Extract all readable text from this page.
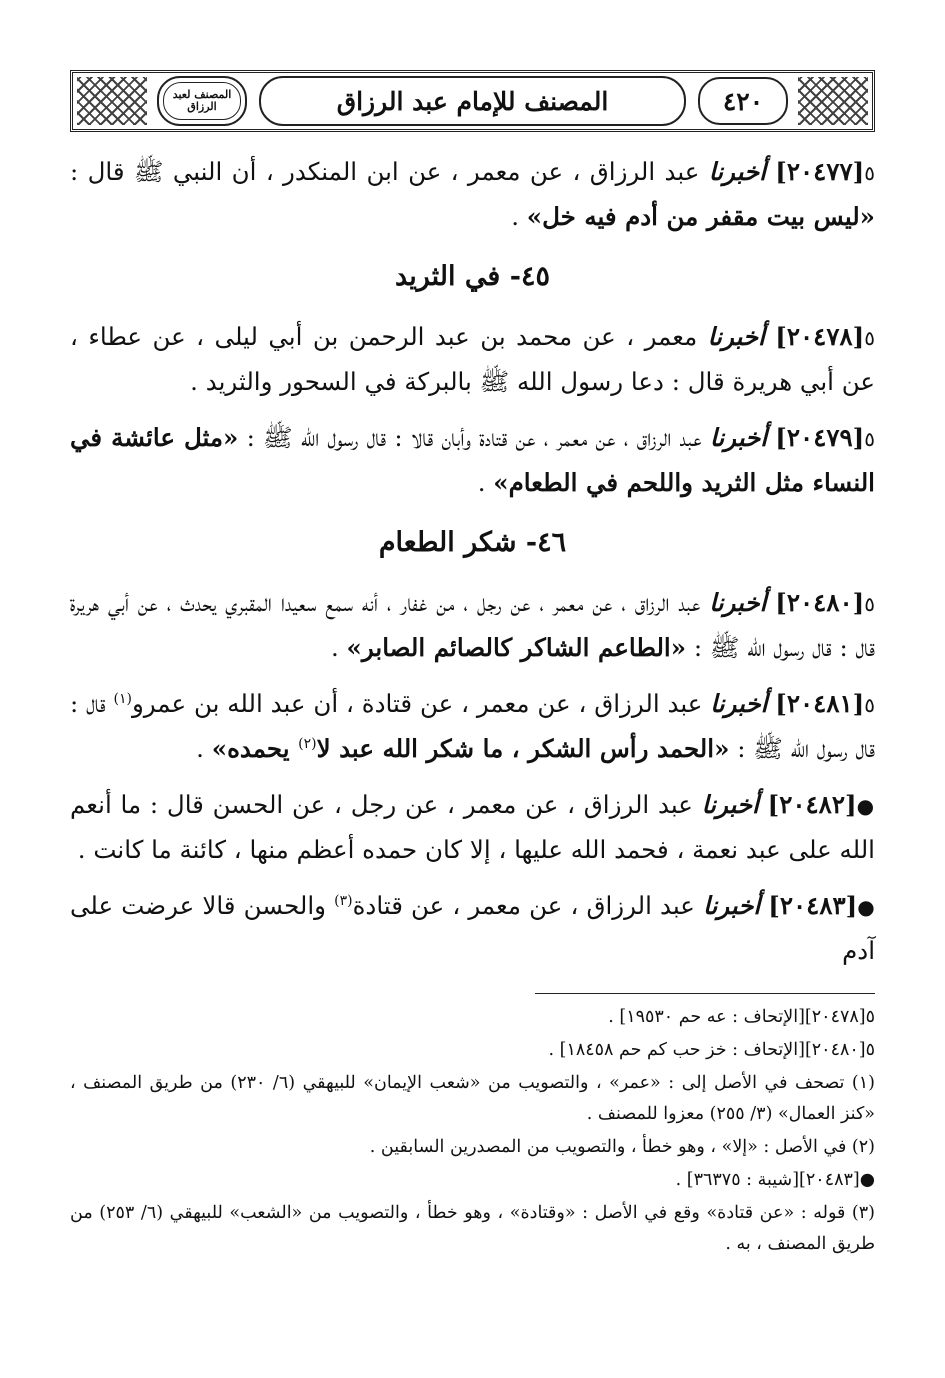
٤٢٠
المصنف للإمام عبد الرزاق
المصنف لعبد الرزاق

٥[٢٠٤٧٧] أخبرنا عبد الرزاق ، عن معمر ، عن ابن المنكدر ، أن النبي ﷺ قال : «ليس بيت مقفر من أدم فيه خل» .

٤٥- في الثريد

٥[٢٠٤٧٨] أخبرنا معمر ، عن محمد بن عبد الرحمن بن أبي ليلى ، عن عطاء ، عن أبي هريرة قال : دعا رسول الله ﷺ بالبركة في السحور والثريد .

٥[٢٠٤٧٩] أخبرنا عبد الرزاق ، عن معمر ، عن قتادة وأبان قالا : قال رسول الله ﷺ : «مثل عائشة في النساء مثل الثريد واللحم في الطعام» .

٤٦- شكر الطعام

٥[٢٠٤٨٠] أخبرنا عبد الرزاق ، عن معمر ، عن رجل ، من غفار ، أنه سمع سعيدا المقبري يحدث ، عن أبي هريرة قال : قال رسول الله ﷺ : «الطاعم الشاكر كالصائم الصابر» .

٥[٢٠٤٨١] أخبرنا عبد الرزاق ، عن معمر ، عن قتادة ، أن عبد الله بن عمرو$^{(١)}$ قال : قال رسول الله ﷺ : «الحمد رأس الشكر ، ما شكر الله عبد لا$^{(٢)}$ يحمده» .

●[٢٠٤٨٢] أخبرنا عبد الرزاق ، عن معمر ، عن رجل ، عن الحسن قال : ما أنعم الله على عبد نعمة ، فحمد الله عليها ، إلا كان حمده أعظم منها ، كائنة ما كانت .

●[٢٠٤٨٣] أخبرنا عبد الرزاق ، عن معمر ، عن قتادة$^{(٣)}$ والحسن قالا عرضت على آدم

٥[٢٠٤٧٨][الإتحاف : عه حم ١٩٥٣٠] .
٥[٢٠٤٨٠][الإتحاف : خز حب كم حم ١٨٤٥٨] .
(١) تصحف في الأصل إلى : «عمر» ، والتصويب من «شعب الإيمان» للبيهقي (٦/ ٢٣٠) من طريق المصنف ، «كنز العمال» (٣/ ٢٥٥) معزوا للمصنف .
(٢) في الأصل : «إلا» ، وهو خطأ ، والتصويب من المصدرين السابقين .
●[٢٠٤٨٣][شيبة : ٣٦٣٧٥] .
(٣) قوله : «عن قتادة» وقع في الأصل : «وقتادة» ، وهو خطأ ، والتصويب من «الشعب» للبيهقي (٦/ ٢٥٣) من طريق المصنف ، به .
